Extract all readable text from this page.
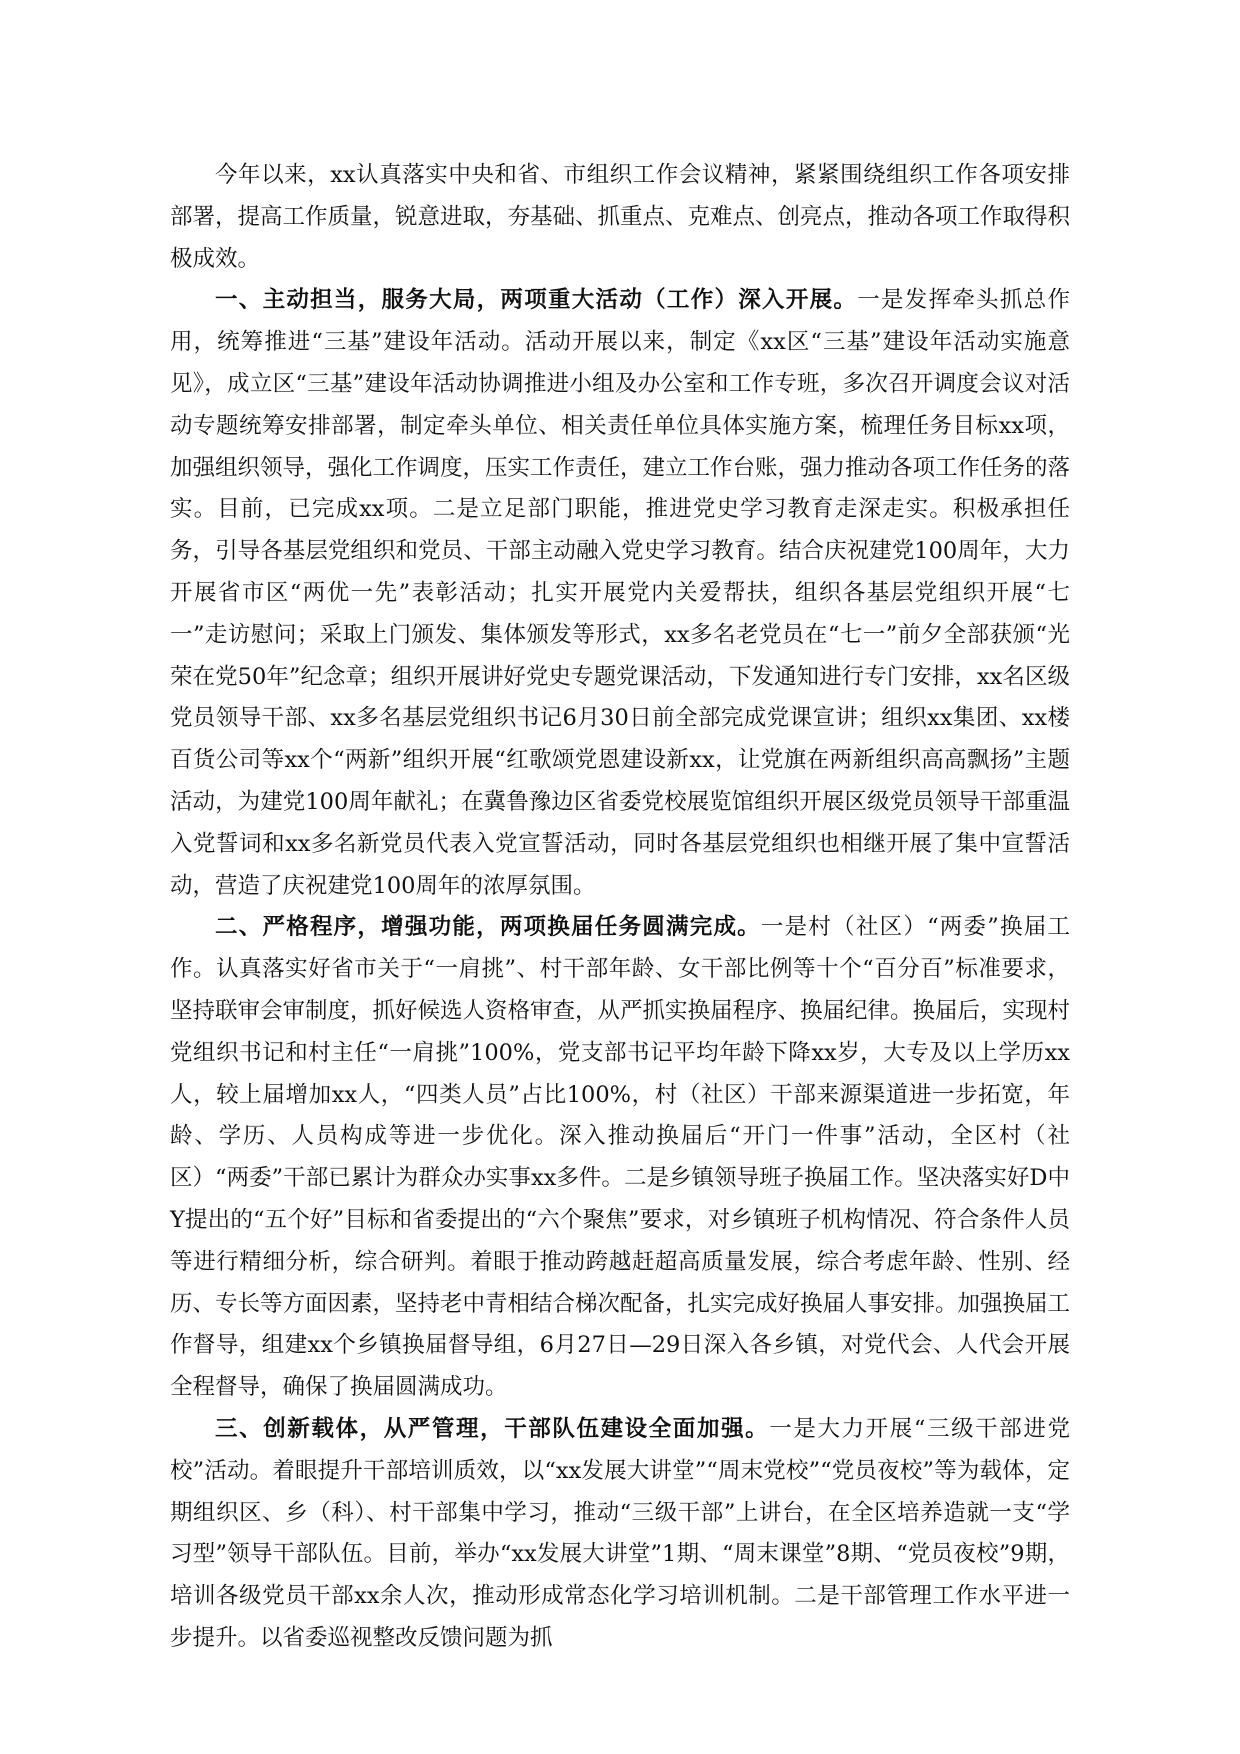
今年以来，xx认真落实中央和省、市组织工作会议精神，紧紧围绕组织工作各项安排部署，提高工作质量，锐意进取，夯基础、抓重点、克难点、创亮点，推动各项工作取得积极成效。

一、主动担当，服务大局，两项重大活动（工作）深入开展。一是发挥牵头抓总作用，统筹推进“三基”建设年活动。活动开展以来，制定《xx区“三基”建设年活动实施意见》，成立区“三基”建设年活动协调推进小组及办公室和工作专班，多次召开调度会议对活动专题统筹安排部署，制定牵头单位、相关责任单位具体实施方案，梳理任务目标xx项，加强组织领导，强化工作调度，压实工作责任，建立工作台账，强力推动各项工作任务的落实。目前，已完成xx项。二是立足部门职能，推进党史学习教育走深走实。积极承担任务，引导各基层党组织和党员、干部主动融入党史学习教育。结合庆祝建党100周年，大力开展省市区“两优一先”表彰活动；扎实开展党内关爱帮扶，组织各基层党组织开展“七一”走访慰问；采取上门颁发、集体颁发等形式，xx多名老党员在“七一”前夕全部获颁“光荣在党50年”纪念章；组织开展讲好党史专题党课活动，下发通知进行专门安排，xx名区级党员领导干部、xx多名基层党组织书记6月30日前全部完成党课宣讲；组织xx集团、xx楼百货公司等xx个“两新”组织开展“红歌颂党恩建设新xx，让党旗在两新组织高高飘扬”主题活动，为建党100周年献礼；在冀鲁豫边区省委党校展览馆组织开展区级党员领导干部重温入党誓词和xx多名新党员代表入党宣誓活动，同时各基层党组织也相继开展了集中宣誓活动，营造了庆祝建党100周年的浓厚氛围。

二、严格程序，增强功能，两项换届任务圆满完成。一是村（社区）“两委”换届工作。认真落实好省市关于“一肩挑”、村干部年龄、女干部比例等十个“百分百”标准要求，坚持联审会审制度，抓好候选人资格审查，从严抓实换届程序、换届纪律。换届后，实现村党组织书记和村主任“一肩挑”100%，党支部书记平均年龄下降xx岁，大专及以上学历xx人，较上届增加xx人，“四类人员”占比100%，村（社区）干部来源渠道进一步拓宽，年龄、学历、人员构成等进一步优化。深入推动换届后“开门一件事”活动，全区村（社区）“两委”干部已累计为群众办实事xx多件。二是乡镇领导班子换届工作。坚决落实好D中Y提出的“五个好”目标和省委提出的“六个聚焦”要求，对乡镇班子机构情况、符合条件人员等进行精细分析，综合研判。着眼于推动跨越赶超高质量发展，综合考虑年龄、性别、经历、专长等方面因素，坚持老中青相结合梯次配备，扎实完成好换届人事安排。加强换届工作督导，组建xx个乡镇换届督导组，6月27日—29日深入各乡镇，对党代会、人代会开展全程督导，确保了换届圆满成功。

三、创新载体，从严管理，干部队伍建设全面加强。一是大力开展“三级干部进党校”活动。着眼提升干部培训质效，以“xx发展大讲堂”“周末党校”“党员夜校”等为载体，定期组织区、乡（科）、村干部集中学习，推动“三级干部”上讲台，在全区培养造就一支“学习型”领导干部队伍。目前，举办“xx发展大讲堂”1期、“周末课堂”8期、“党员夜校”9期，培训各级党员干部xx余人次，推动形成常态化学习培训机制。二是干部管理工作水平进一步提升。以省委巡视整改反馈问题为抓
